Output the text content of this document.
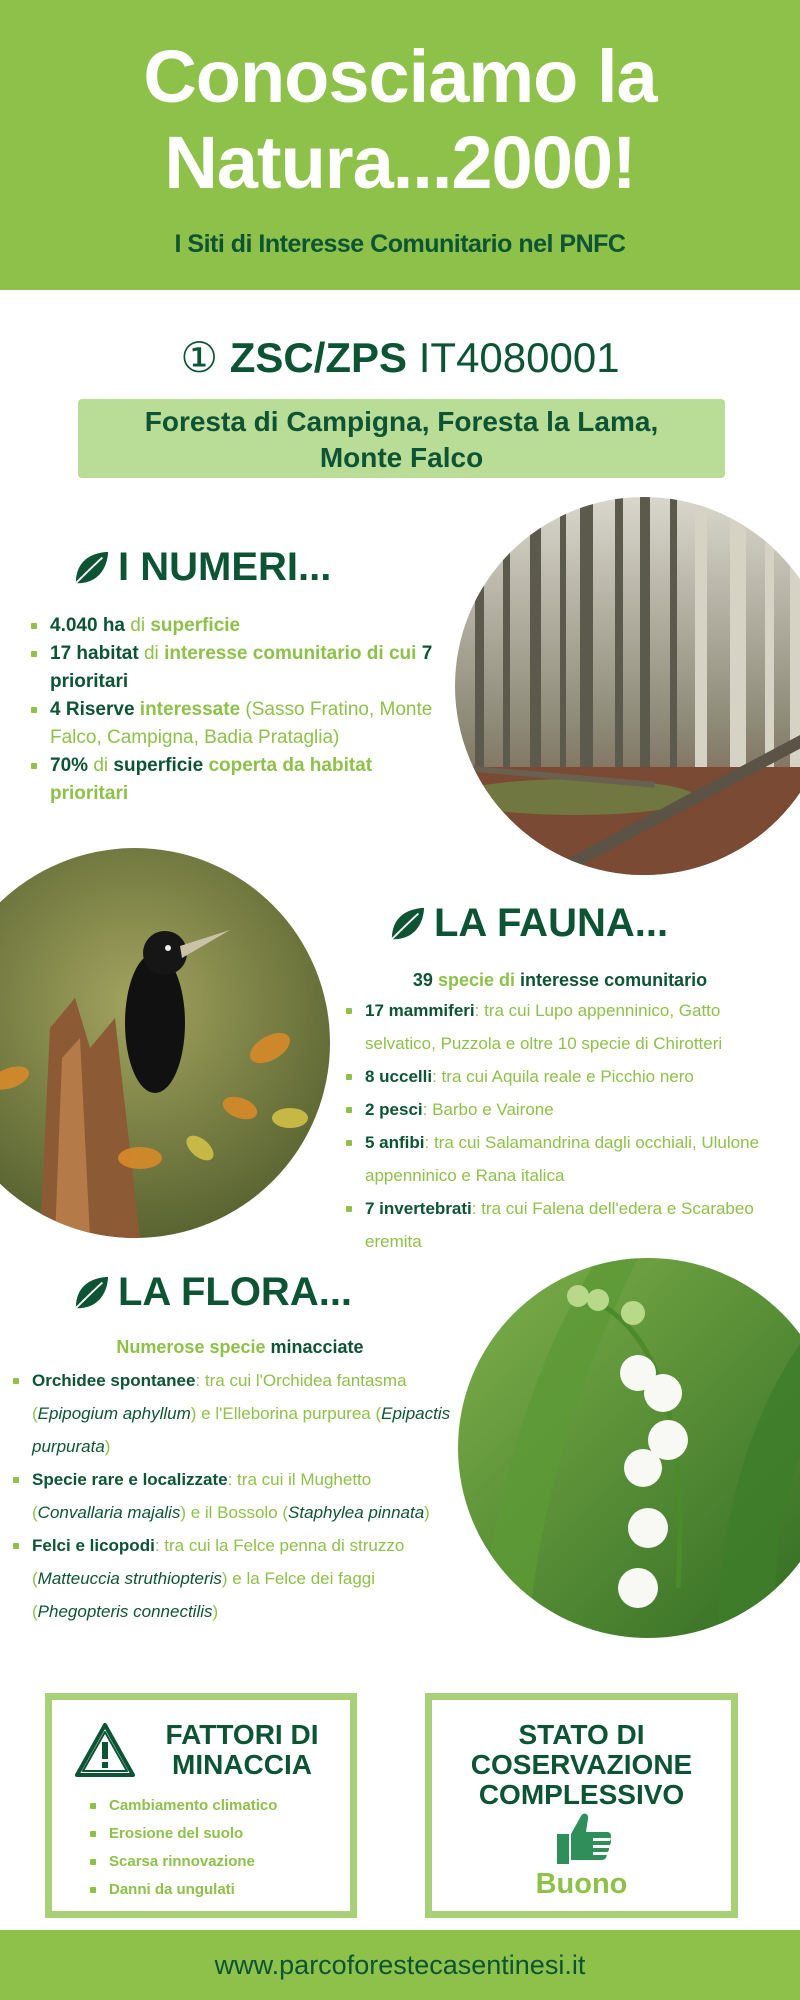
Conosciamo la
Natura...2000!
I Siti di Interesse Comunitario nel PNFC
① ZSC/ZPS IT4080001
Foresta di Campigna, Foresta la Lama,
Monte Falco
I NUMERI...
4.040 ha di superficie
17 habitat di interesse comunitario di cui 7 prioritari
4 Riserve interessate (Sasso Fratino, Monte Falco, Campigna, Badia Prataglia)
70% di superficie coperta da habitat prioritari
LA FAUNA...
39 specie di interesse comunitario
17 mammiferi: tra cui Lupo appenninico, Gatto selvatico, Puzzola e oltre 10 specie di Chirotteri
8 uccelli: tra cui Aquila reale e Picchio nero
2 pesci: Barbo e Vairone
5 anfibi: tra cui Salamandrina dagli occhiali, Ululone appenninico e Rana italica
7 invertebrati: tra cui Falena dell'edera e Scarabeo eremita
LA FLORA...
Numerose specie minacciate
Orchidee spontanee: tra cui l'Orchidea fantasma (Epipogium aphyllum) e l'Elleborina purpurea (Epipactis purpurata)
Specie rare e localizzate: tra cui il Mughetto (Convallaria majalis) e il Bossolo (Staphylea pinnata)
Felci e licopodi: tra cui la Felce penna di struzzo (Matteuccia struthiopteris) e la Felce dei faggi (Phegopteris connectilis)
FATTORI DI
MINACCIA
Cambiamento climatico
Erosione del suolo
Scarsa rinnovazione
Danni da ungulati
STATO DI
COSERVAZIONE
COMPLESSIVO
Buono
www.parcoforestecasentinesi.it
